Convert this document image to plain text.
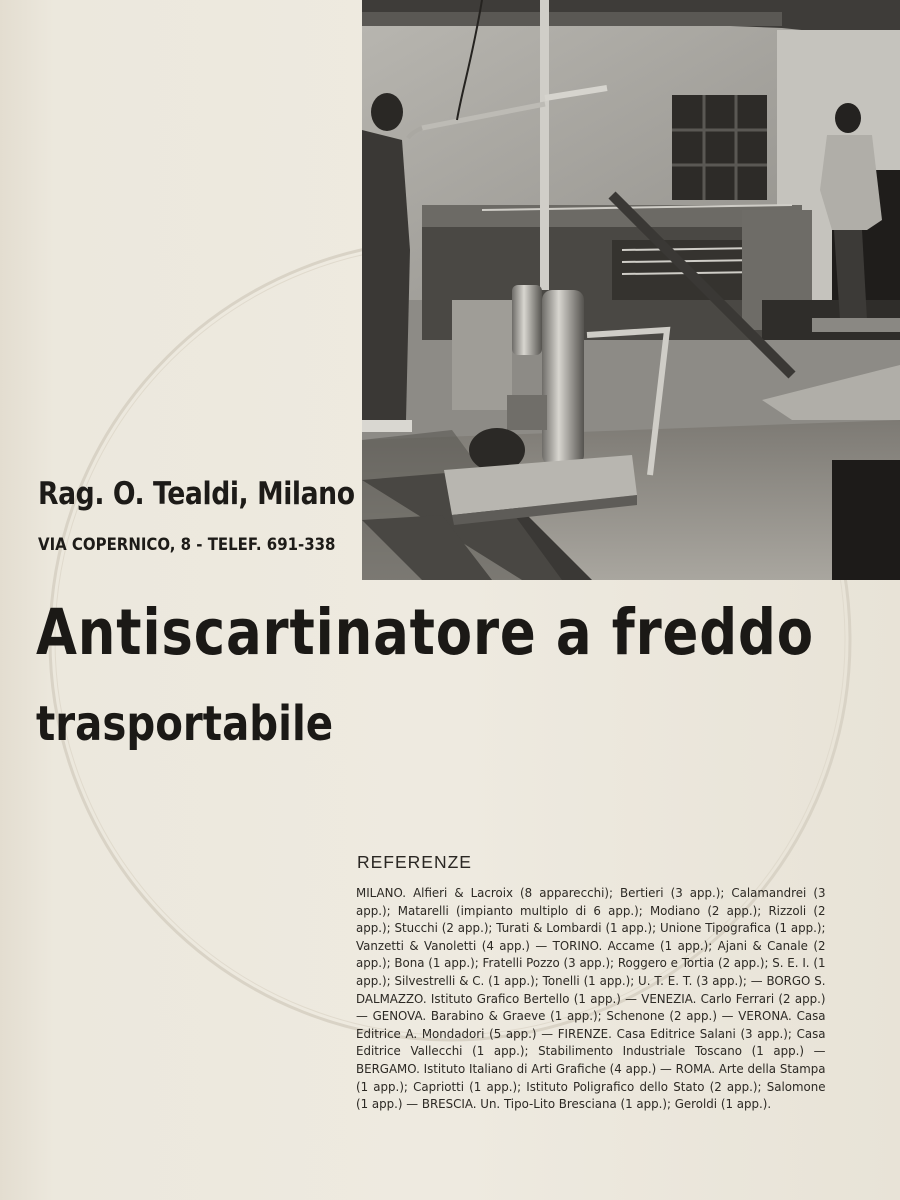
Rag. O. Tealdi, Milano
VIA COPERNICO, 8 - TELEF. 691-338
Antiscartinatore a freddo
trasportabile
REFERENZE
MILANO. Alfieri & Lacroix (8 apparecchi); Bertieri (3 app.); Calamandrei (3 app.); Matarelli (impianto multiplo di 6 app.); Modiano (2 app.); Rizzoli (2 app.); Stucchi (2 app.); Turati & Lombardi (1 app.); Unione Tipografica (1 app.); Vanzetti & Vanoletti (4 app.) — TORINO. Accame (1 app.); Ajani & Canale (2 app.); Bona (1 app.); Fratelli Pozzo (3 app.); Roggero e Tortia (2 app.); S. E. I. (1 app.); Silvestrelli & C. (1 app.); Tonelli (1 app.); U. T. E. T. (3 app.); — BORGO S. DALMAZZO. Istituto Grafico Bertello (1 app.) — VENEZIA. Carlo Ferrari (2 app.) — GENOVA. Barabino & Graeve (1 app.); Schenone (2 app.) — VERONA. Casa Editrice A. Mondadori (5 app.) — FIRENZE. Casa Editrice Salani (3 app.); Casa Editrice Vallecchi (1 app.); Stabilimento Industriale Toscano (1 app.) — BERGAMO. Istituto Italiano di Arti Grafiche (4 app.) — ROMA. Arte della Stampa (1 app.); Capriotti (1 app.); Istituto Poligrafico dello Stato (2 app.); Salomone (1 app.) — BRESCIA. Un. Tipo-Lito Bresciana (1 app.); Geroldi (1 app.).
